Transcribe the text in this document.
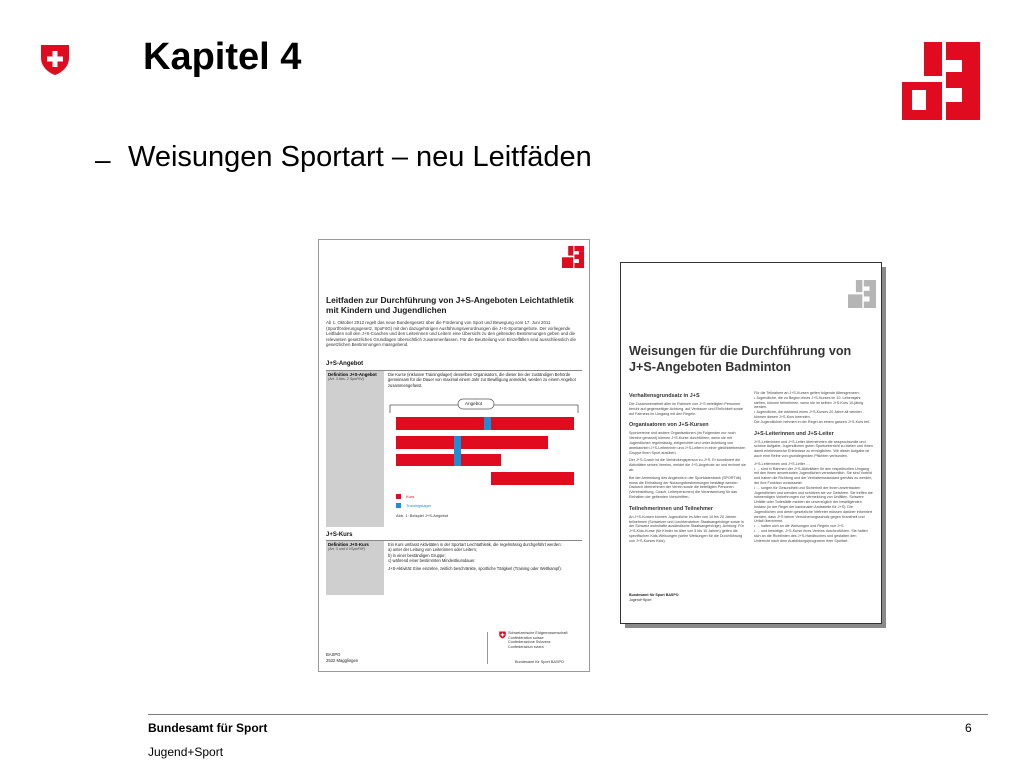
Kapitel 4
– Weisungen Sportart – neu Leitfäden
Leitfaden zur Durchführung von J+S-Angeboten Leichtathletik mit Kindern und Jugendlichen
Ab 1. Oktober 2012 regelt das neue Bundesgesetz über die Förderung von Sport und Bewegung vom 17. Juni 2011 (Sportförderungsgesetz, SpoFöG) mit den dazugehörigen Ausführungsverordnungen die J+S-Sportangebote. Der vorliegende Leitfaden soll den J+S-Coaches und den Leiterinnen und Leitern eine Übersicht zu den geltenden Bestimmungen geben und die relevanten gesetzlichen Grundlagen übersichtlich zusammenfassen. Für die Beurteilung von Einzelfällen sind ausschliesslich die gesetzlichen Bestimmungen massgebend.
J+S-Angebot
Definition J+S-Angebot
(Art. 3 Abs. 2 SpoFöV)
Die Kurse (inklusive Trainingslager) desselben Organisators, die dieser bei der zuständigen Behörde gemeinsam für die Dauer von maximal einem Jahr zur Bewilligung anmeldet, werden zu einem Angebot zusammengefasst.
Angebot
Kurs
Trainingslager
Abb. 1: Beispiel J+S-Angebot
J+S-Kurs
Definition J+S-Kurs
(Art. 3 und 4 VSpoFöF)
Ein Kurs umfasst Aktivitäten in der Sportart Leichtathletik, die regelmässig durchgeführt werden:
a) unter der Leitung von Leiterinnen oder Leitern;
b) in einer beständigen Gruppe;
c) während einer bestimmten Mindestkursdauer.
J+S-Aktivität: Eine einzelne, zeitlich beschränkte, sportliche Tätigkeit (Training oder Wettkampf).
Schweizerische Eidgenossenschaft
Confédération suisse
Confederazione Svizzera
Confederaziun svizra
Bundesamt für Sport BASPO
BASPO
2532 Magglingen
Weisungen für die Durchführung von J+S-Angeboten Badminton
Verhaltensgrundsatz in J+S
Die Zusammenarbeit aller im Rahmen von J+S beteiligten Personen beruht auf gegenseitiger Achtung, auf Vertrauen und Ehrlichkeit sowie auf Fairness im Umgang mit den Regeln.
Organisatoren von J+S-Kursen
Sportvereine und andere Organisationen (im Folgenden nur noch Vereine genannt) können J+S-Kurse durchführen, wenn sie mit Jugendlichen regelmässig, zielgerichtet und unter Anleitung von anerkannten J+S-Leiterinnen und J+S-Leitern in einer gleichbleibenden Gruppe ihren Sport ausüben.
Der J+S-Coach ist die Verbindungsperson zu J+S. Er koordiniert die Aktivitäten seines Vereins, meldet die J+S-Angebote an und rechnet sie ab.
Bei der Anmeldung des Angebots in der Sportdatenbank (SPORTdb) muss die Einhaltung der Nutzungsbestimmungen bestätigt werden. Dadurch übernehmen der Verein sowie die beteiligten Personen (Vereinsleitung, Coach, Leiterpersonen) die Verantwortung für das Einhalten der geltenden Vorschriften.
Teilnehmerinnen und Teilnehmer
An J+S-Kursen können Jugendliche im Alter von 10 bis 20 Jahren teilnehmen (Schweizer und Liechtensteiner Staatsangehörige sowie in der Schweiz wohnhafte ausländische Staatsangehörige). Achtung: Für J+S-Kids-Kurse (für Kinder im Alter von 5 bis 10 Jahren) gelten die spezifischen Kids-Weisungen (siehe Weisungen für die Durchführung von J+S-Kurses Kids).
Für die Teilnahme an J+S-Kursen gelten folgende Altersgrenzen:
• Jugendliche, die zu Beginn eines J+S-Kurses im 10. Lebensjahr stehen, können teilnehmen, wenn sie im selben J+S-Kurs 10-jährig werden.
• Jugendliche, die während eines J+S-Kurses 20 Jahre alt werden, können diesen J+S-Kurs beenden.
Die Jugendlichen nehmen in der Regel an einem ganzen J+S-Kurs teil.
J+S-Leiterinnen und J+S-Leiter
J+S-Leiterinnen und J+S-Leiter übernehmen die anspruchsvolle und schöne Aufgabe, Jugendlichen guten Sportunterricht zu bieten und ihnen damit erlebnisreiche Erlebnisse zu ermöglichen. Wir dieser Aufgabe ist auch eine Reihe von grundlegenden Pflichten verbunden.
J+S-Leiterinnen und J+S-Leiter …
• … sind in Rahmen der J+S-Aktivitäten für den respektvollen Umgang mit den ihnen anvertrauten Jugendlichen verantwortlich. Sie sind Vorbild und haben die Richtung und der Verhaltensstandard gemäss zu werden, der ihre Funktion voraussetzt.
• … sorgen für Gesundheit und Sicherheit der ihnen anvertrauten Jugendlichen und wenden und schützen sie vor Gefahren. Sie treffen die notwendigen Vorkehrungen zur Vermeidung von Unfällen. Schwere Unfälle oder Todesfälle melden sie unverzüglich der bewilligenden Instanz (in der Regel der kantonalen Amtsstelle für J+S). Die Jugendlichen und deren gesetzliche Vertreter müssen darüber informiert werden, dass J+S keiner Versicherungsschutz gegen Krankheit und Unfall übernimmt.
• … halten sich an die Weisungen und Regeln von J+S.
• … und bewirtige, J+S-Kurse ihres Vereins durchzuführen. Sie halten sich an die Richtlinien des J+S-Handbuches und gestalten den Unterricht nach dem Ausbildungsprogramm ihrer Sportart.
Bundesamt für Sport BASPO
Jugend+Sport
Bundesamt für Sport
Jugend+Sport
6
